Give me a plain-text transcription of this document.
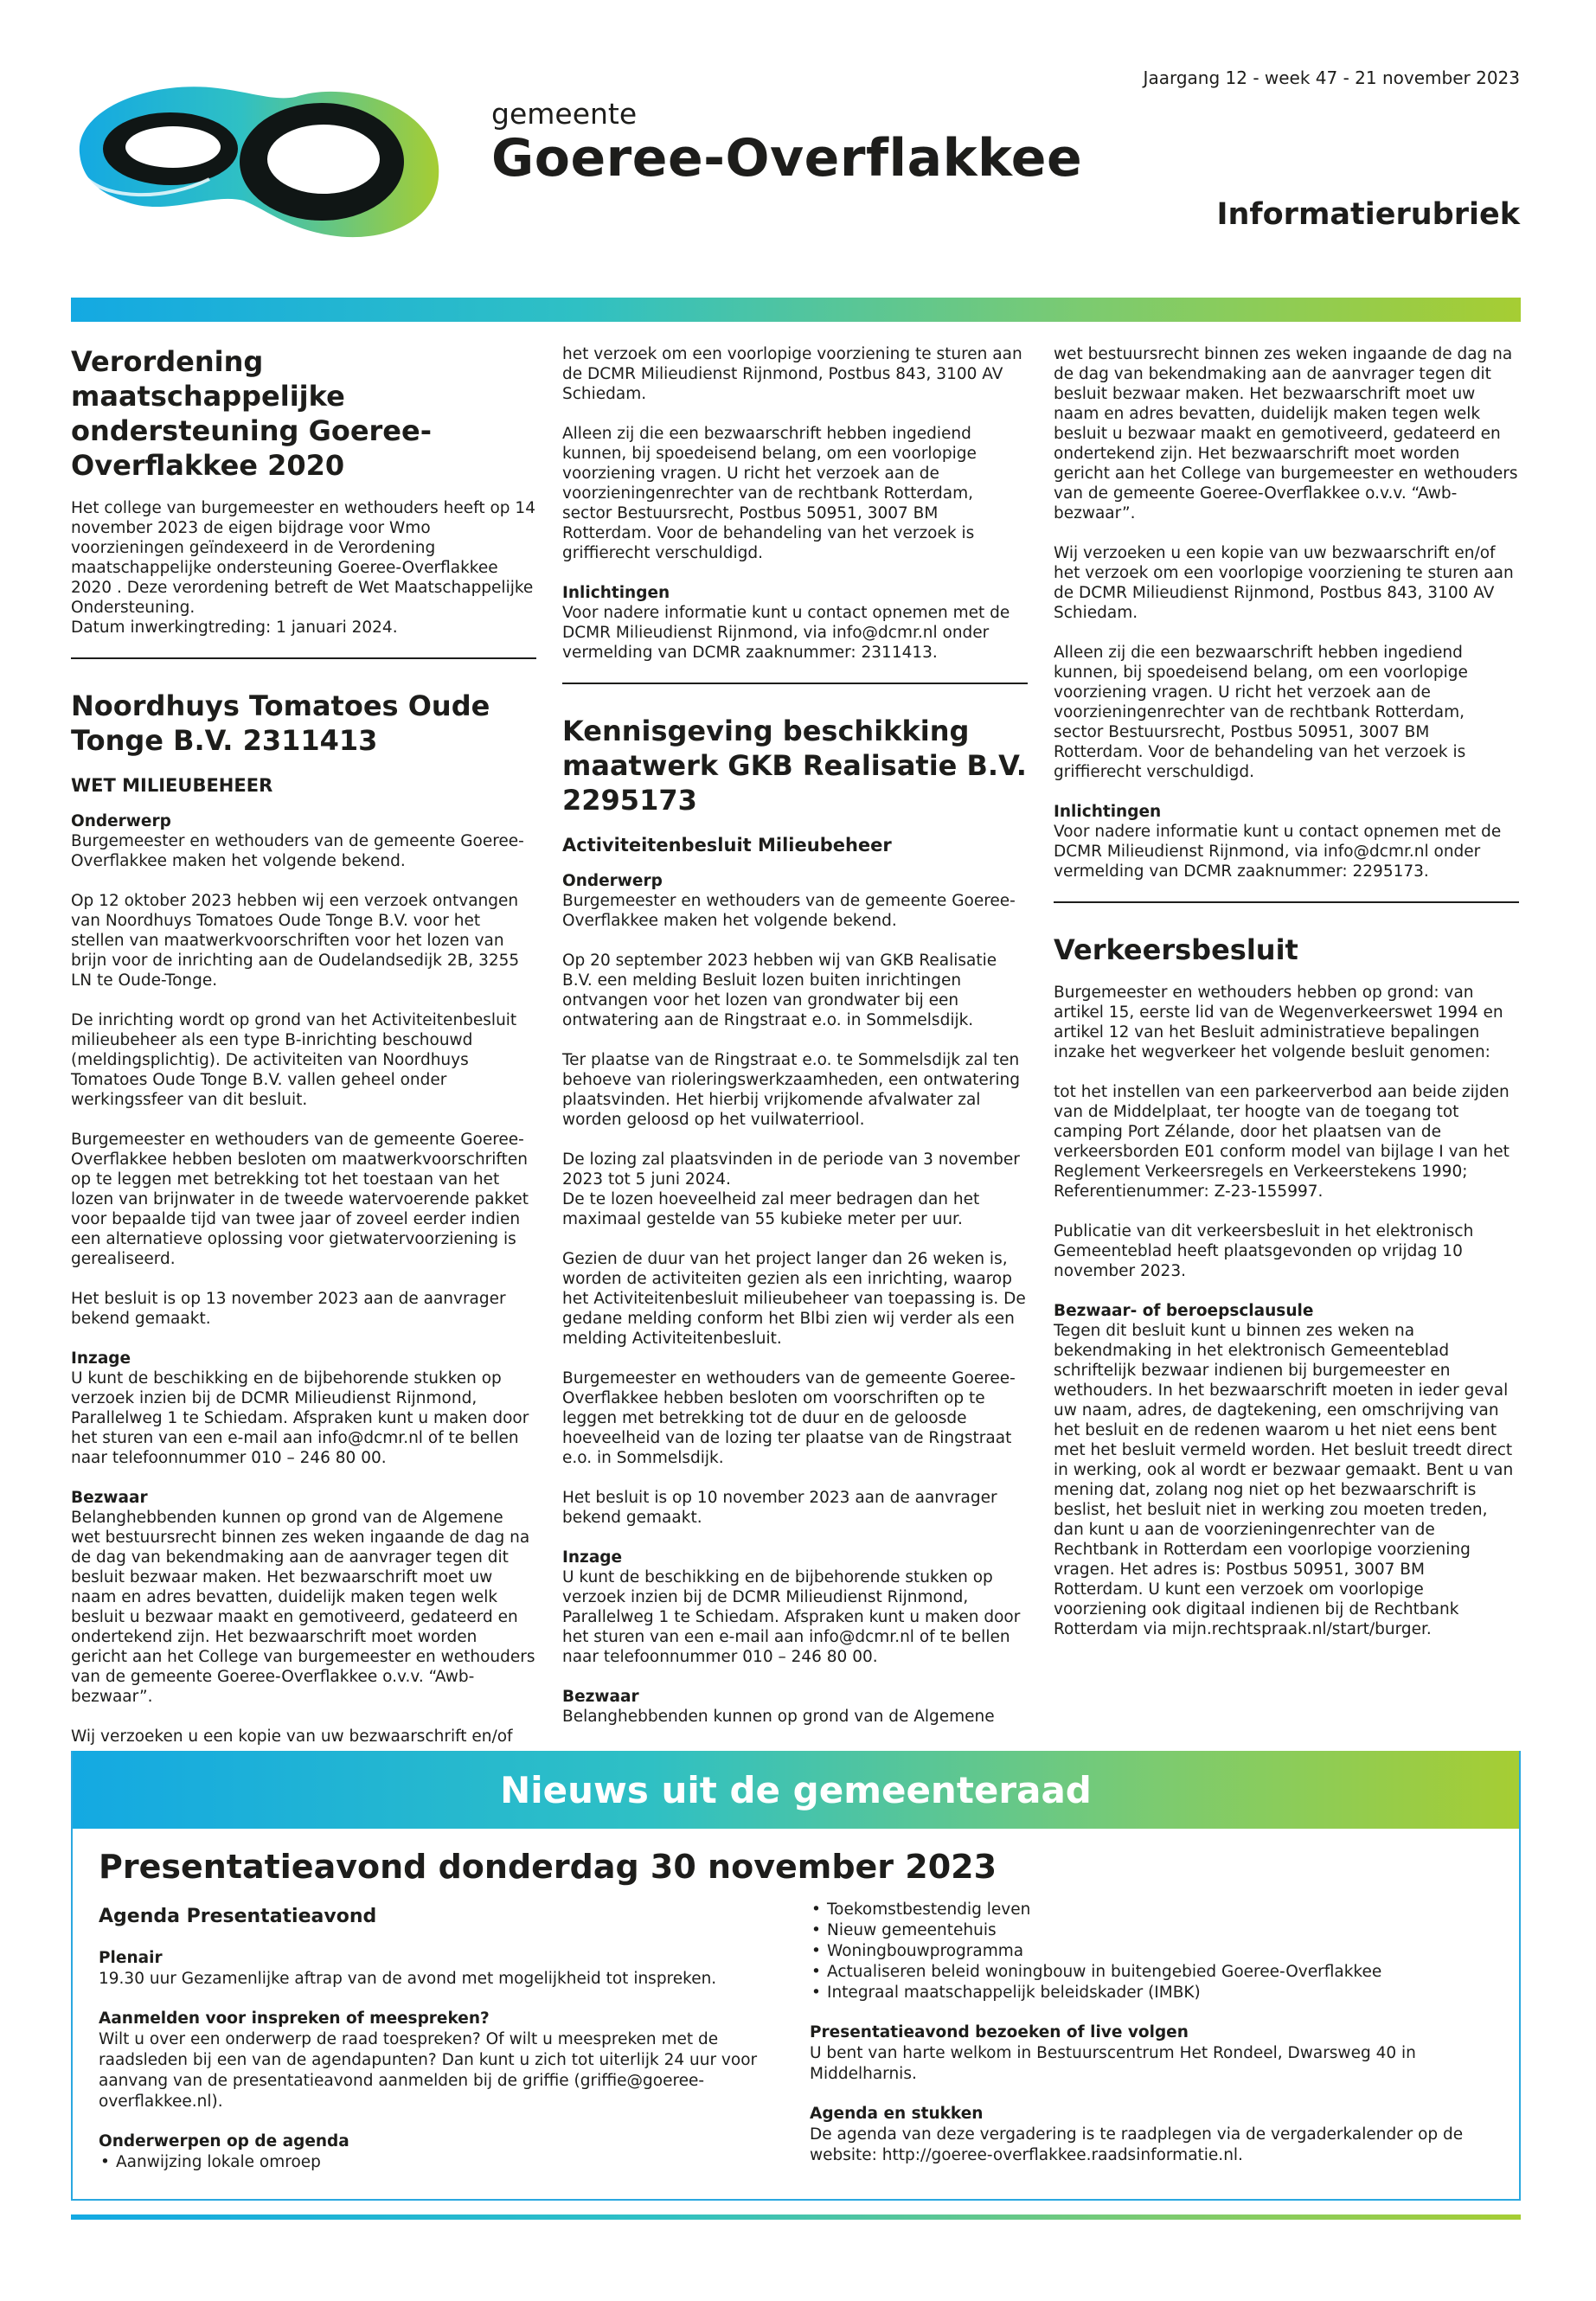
gemeente
Goeree-Overflakkee
Jaargang 12 - week 47 - 21 november 2023
Informatierubriek
Verordening maatschappelijke ondersteuning Goeree-Overflakkee 2020

Het college van burgemeester en wethouders heeft op 14 november 2023 de eigen bijdrage voor Wmo voorzieningen geïndexeerd in de Verordening maatschappelijke ondersteuning Goeree-Overflakkee 2020 . Deze verordening betreft de Wet Maatschappelijke Ondersteuning.

Datum inwerkingtreding: 1 januari 2024.

Noordhuys Tomatoes Oude Tonge B.V. 2311413
WET MILIEUBEHEER
Onderwerp

Burgemeester en wethouders van de gemeente Goeree-Overflakkee maken het volgende bekend.

Op 12 oktober 2023 hebben wij een verzoek ontvangen van Noordhuys Tomatoes Oude Tonge B.V. voor het stellen van maatwerkvoorschriften voor het lozen van brijn voor de inrichting aan de Oudelandsedijk 2B, 3255 LN te Oude-Tonge.

De inrichting wordt op grond van het Activiteitenbesluit milieubeheer als een type B-inrichting beschouwd (meldingsplichtig). De activiteiten van Noordhuys Tomatoes Oude Tonge B.V. vallen geheel onder werkingssfeer van dit besluit.

Burgemeester en wethouders van de gemeente Goeree-Overflakkee hebben besloten om maatwerkvoorschriften op te leggen met betrekking tot het toestaan van het lozen van brijnwater in de tweede watervoerende pakket voor bepaalde tijd van twee jaar of zoveel eerder indien een alternatieve oplossing voor gietwatervoorziening is gerealiseerd.

Het besluit is op 13 november 2023 aan de aanvrager bekend gemaakt.

Inzage

U kunt de beschikking en de bijbehorende stukken op verzoek inzien bij de DCMR Milieudienst Rijnmond, Parallelweg 1 te Schiedam. Afspraken kunt u maken door het sturen van een e-mail aan info@dcmr.nl of te bellen naar telefoonnummer 010 – 246 80 00.

Bezwaar

Belanghebbenden kunnen op grond van de Algemene wet bestuursrecht binnen zes weken ingaande de dag na de dag van bekendmaking aan de aanvrager tegen dit besluit bezwaar maken. Het bezwaarschrift moet uw naam en adres bevatten, duidelijk maken tegen welk besluit u bezwaar maakt en gemotiveerd, gedateerd en ondertekend zijn. Het bezwaarschrift moet worden gericht aan het College van burgemeester en wethouders van de gemeente Goeree-Overflakkee o.v.v. “Awb-bezwaar”.

Wij verzoeken u een kopie van uw bezwaarschrift en/of

het verzoek om een voorlopige voorziening te sturen aan de DCMR Milieudienst Rijnmond, Postbus 843, 3100 AV Schiedam.

Alleen zij die een bezwaarschrift hebben ingediend kunnen, bij spoedeisend belang, om een voorlopige voorziening vragen. U richt het verzoek aan de voorzieningenrechter van de rechtbank Rotterdam, sector Bestuursrecht, Postbus 50951, 3007 BM Rotterdam. Voor de behandeling van het verzoek is griffierecht verschuldigd.

Inlichtingen

Voor nadere informatie kunt u contact opnemen met de DCMR Milieudienst Rijnmond, via info@dcmr.nl onder vermelding van DCMR zaaknummer: 2311413.

Kennisgeving beschikking maatwerk GKB Realisatie B.V. 2295173
Activiteitenbesluit Milieubeheer
Onderwerp

Burgemeester en wethouders van de gemeente Goeree-Overflakkee maken het volgende bekend.

Op 20 september 2023 hebben wij van GKB Realisatie B.V. een melding Besluit lozen buiten inrichtingen ontvangen voor het lozen van grondwater bij een ontwatering aan de Ringstraat e.o. in Sommelsdijk.

Ter plaatse van de Ringstraat e.o. te Sommelsdijk zal ten behoeve van rioleringswerkzaamheden, een ontwatering plaatsvinden. Het hierbij vrijkomende afvalwater zal worden geloosd op het vuilwaterriool.

De lozing zal plaatsvinden in de periode van 3 november 2023 tot 5 juni 2024.

De te lozen hoeveelheid zal meer bedragen dan het maximaal gestelde van 55 kubieke meter per uur.

Gezien de duur van het project langer dan 26 weken is, worden de activiteiten gezien als een inrichting, waarop het Activiteitenbesluit milieubeheer van toepassing is. De gedane melding conform het Blbi zien wij verder als een melding Activiteitenbesluit.

Burgemeester en wethouders van de gemeente Goeree-Overflakkee hebben besloten om voorschriften op te leggen met betrekking tot de duur en de geloosde hoeveelheid van de lozing ter plaatse van de Ringstraat e.o. in Sommelsdijk.

Het besluit is op 10 november 2023 aan de aanvrager bekend gemaakt.

Inzage

U kunt de beschikking en de bijbehorende stukken op verzoek inzien bij de DCMR Milieudienst Rijnmond, Parallelweg 1 te Schiedam. Afspraken kunt u maken door het sturen van een e-mail aan info@dcmr.nl of te bellen naar telefoonnummer 010 – 246 80 00.

Bezwaar

Belanghebbenden kunnen op grond van de Algemene

wet bestuursrecht binnen zes weken ingaande de dag na de dag van bekendmaking aan de aanvrager tegen dit besluit bezwaar maken. Het bezwaarschrift moet uw naam en adres bevatten, duidelijk maken tegen welk besluit u bezwaar maakt en gemotiveerd, gedateerd en ondertekend zijn. Het bezwaarschrift moet worden gericht aan het College van burgemeester en wethouders van de gemeente Goeree-Overflakkee o.v.v. “Awb-bezwaar”.

Wij verzoeken u een kopie van uw bezwaarschrift en/of het verzoek om een voorlopige voorziening te sturen aan de DCMR Milieudienst Rijnmond, Postbus 843, 3100 AV Schiedam.

Alleen zij die een bezwaarschrift hebben ingediend kunnen, bij spoedeisend belang, om een voorlopige voorziening vragen. U richt het verzoek aan de voorzieningenrechter van de rechtbank Rotterdam, sector Bestuursrecht, Postbus 50951, 3007 BM Rotterdam. Voor de behandeling van het verzoek is griffierecht verschuldigd.

Inlichtingen

Voor nadere informatie kunt u contact opnemen met de DCMR Milieudienst Rijnmond, via info@dcmr.nl onder vermelding van DCMR zaaknummer: 2295173.

Verkeersbesluit

Burgemeester en wethouders hebben op grond: van artikel 15, eerste lid van de Wegenverkeerswet 1994 en artikel 12 van het Besluit administratieve bepalingen inzake het wegverkeer het volgende besluit genomen:

tot het instellen van een parkeerverbod aan beide zijden van de Middelplaat, ter hoogte van de toegang tot camping Port Zélande, door het plaatsen van de verkeersborden E01 conform model van bijlage I van het Reglement Verkeersregels en Verkeerstekens 1990; Referentienummer: Z-23-155997.

Publicatie van dit verkeersbesluit in het elektronisch Gemeenteblad heeft plaatsgevonden op vrijdag 10 november 2023.

Bezwaar- of beroepsclausule

Tegen dit besluit kunt u binnen zes weken na bekendmaking in het elektronisch Gemeenteblad schriftelijk bezwaar indienen bij burgemeester en wethouders. In het bezwaarschrift moeten in ieder geval uw naam, adres, de dagtekening, een omschrijving van het besluit en de redenen waarom u het niet eens bent met het besluit vermeld worden. Het besluit treedt direct in werking, ook al wordt er bezwaar gemaakt. Bent u van mening dat, zolang nog niet op het bezwaarschrift is beslist, het besluit niet in werking zou moeten treden, dan kunt u aan de voorzieningenrechter van de Rechtbank in Rotterdam een voorlopige voorziening vragen. Het adres is: Postbus 50951, 3007 BM Rotterdam. U kunt een verzoek om voorlopige voorziening ook digitaal indienen bij de Rechtbank Rotterdam via mijn.rechtspraak.nl/start/burger.

Nieuws uit de gemeenteraad
Presentatieavond donderdag 30 november 2023
Agenda Presentatieavond
Plenair

19.30 uur Gezamenlijke aftrap van de avond met mogelijkheid tot inspreken.

Aanmelden voor inspreken of meespreken?

Wilt u over een onderwerp de raad toespreken? Of wilt u meespreken met de raadsleden bij een van de agendapunten? Dan kunt u zich tot uiterlijk 24 uur voor aanvang van de presentatieavond aanmelden bij de griffie (griffie@goeree-overflakkee.nl).

Onderwerpen op de agenda
• Aanwijzing lokale omroep
• Toekomstbestendig leven
• Nieuw gemeentehuis
• Woningbouwprogramma
• Actualiseren beleid woningbouw in buitengebied Goeree-Overflakkee
• Integraal maatschappelijk beleidskader (IMBK)
Presentatieavond bezoeken of live volgen

U bent van harte welkom in Bestuurscentrum Het Rondeel, Dwarsweg 40 in Middelharnis.

Agenda en stukken

De agenda van deze vergadering is te raadplegen via de vergaderkalender op de website: http://goeree-overflakkee.raadsinformatie.nl.
